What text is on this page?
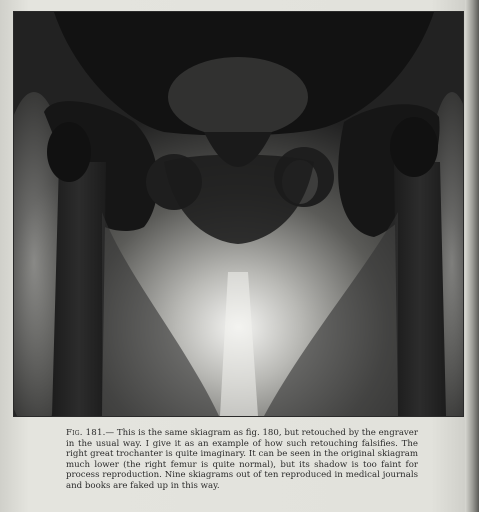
Fig. 181.— This is the same skiagram as fig. 180, but retouched by the engraver in the usual way. I give it as an example of how such retouching falsifies. The right great trochanter is quite imaginary. It can be seen in the original skiagram much lower (the right femur is quite normal), but its shadow is too faint for process reproduction. Nine skiagrams out of ten reproduced in medical journals and books are faked up in this way.
